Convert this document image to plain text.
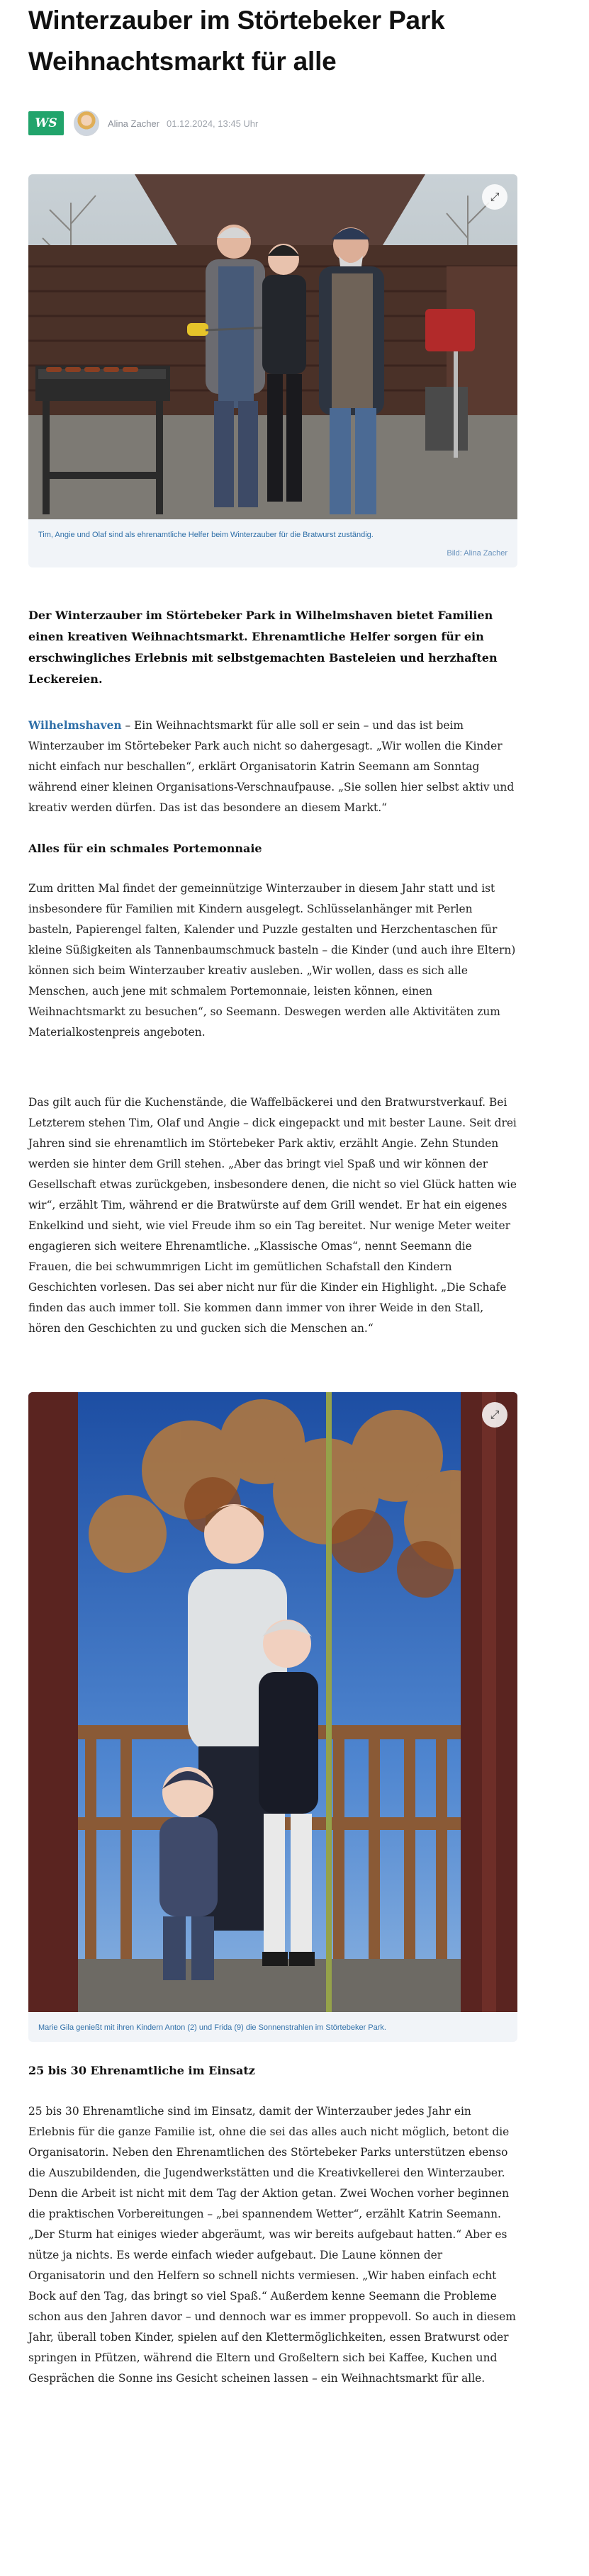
Winterzauber im Störtebeker Park
Weihnachtsmarkt für alle
WS	Alina Zacher 01.12.2024, 13:45 Uhr
⤢
Tim, Angie und Olaf sind als ehrenamtliche Helfer beim Winterzauber für die Bratwurst zuständig.
Bild: Alina Zacher

Der Winterzauber im Störtebeker Park in Wilhelmshaven bietet Familien einen kreativen Weihnachtsmarkt. Ehrenamtliche Helfer sorgen für ein erschwingliches Erlebnis mit selbstgemachten Basteleien und herzhaften Leckereien.

Wilhelmshaven – Ein Weihnachtsmarkt für alle soll er sein – und das ist beim Winterzauber im Störtebeker Park auch nicht so dahergesagt. „Wir wollen die Kinder nicht einfach nur beschallen“, erklärt Organisatorin Katrin Seemann am Sonntag während einer kleinen Organisations-Verschnaufpause. „Sie sollen hier selbst aktiv und kreativ werden dürfen. Das ist das besondere an diesem Markt.“

Alles für ein schmales Portemonnaie

Zum dritten Mal findet der gemeinnützige Winterzauber in diesem Jahr statt und ist insbesondere für Familien mit Kindern ausgelegt. Schlüsselanhänger mit Perlen basteln, Papierengel falten, Kalender und Puzzle gestalten und Herzchentaschen für kleine Süßigkeiten als Tannenbaumschmuck basteln – die Kinder (und auch ihre Eltern) können sich beim Winterzauber kreativ ausleben. „Wir wollen, dass es sich alle Menschen, auch jene mit schmalem Portemonnaie, leisten können, einen Weihnachtsmarkt zu besuchen“, so Seemann. Deswegen werden alle Aktivitäten zum Materialkostenpreis angeboten.

Das gilt auch für die Kuchenstände, die Waffelbäckerei und den Bratwurstverkauf. Bei Letzterem stehen Tim, Olaf und Angie – dick eingepackt und mit bester Laune. Seit drei Jahren sind sie ehrenamtlich im Störtebeker Park aktiv, erzählt Angie. Zehn Stunden werden sie hinter dem Grill stehen. „Aber das bringt viel Spaß und wir können der Gesellschaft etwas zurückgeben, insbesondere denen, die nicht so viel Glück hatten wie wir“, erzählt Tim, während er die Bratwürste auf dem Grill wendet. Er hat ein eigenes Enkelkind und sieht, wie viel Freude ihm so ein Tag bereitet. Nur wenige Meter weiter engagieren sich weitere Ehrenamtliche. „Klassische Omas“, nennt Seemann die Frauen, die bei schwummrigen Licht im gemütlichen Schafstall den Kindern Geschichten vorlesen. Das sei aber nicht nur für die Kinder ein Highlight. „Die Schafe finden das auch immer toll. Sie kommen dann immer von ihrer Weide in den Stall, hören den Geschichten zu und gucken sich die Menschen an.“

⤢
Marie Gila genießt mit ihren Kindern Anton (2) und Frida (9) die Sonnenstrahlen im Störtebeker Park.
25 bis 30 Ehrenamtliche im Einsatz

25 bis 30 Ehrenamtliche sind im Einsatz, damit der Winterzauber jedes Jahr ein Erlebnis für die ganze Familie ist, ohne die sei das alles auch nicht möglich, betont die Organisatorin. Neben den Ehrenamtlichen des Störtebeker Parks unterstützen ebenso die Auszubildenden, die Jugendwerkstätten und die Kreativkellerei den Winterzauber. Denn die Arbeit ist nicht mit dem Tag der Aktion getan. Zwei Wochen vorher beginnen die praktischen Vorbereitungen – „bei spannendem Wetter“, erzählt Katrin Seemann. „Der Sturm hat einiges wieder abgeräumt, was wir bereits aufgebaut hatten.“ Aber es nütze ja nichts. Es werde einfach wieder aufgebaut. Die Laune können der Organisatorin und den Helfern so schnell nichts vermiesen. „Wir haben einfach echt Bock auf den Tag, das bringt so viel Spaß.“ Außerdem kenne Seemann die Probleme schon aus den Jahren davor – und dennoch war es immer proppevoll. So auch in diesem Jahr, überall toben Kinder, spielen auf den Klettermöglichkeiten, essen Bratwurst oder springen in Pfützen, während die Eltern und Großeltern sich bei Kaffee, Kuchen und Gesprächen die Sonne ins Gesicht scheinen lassen – ein Weihnachtsmarkt für alle.
